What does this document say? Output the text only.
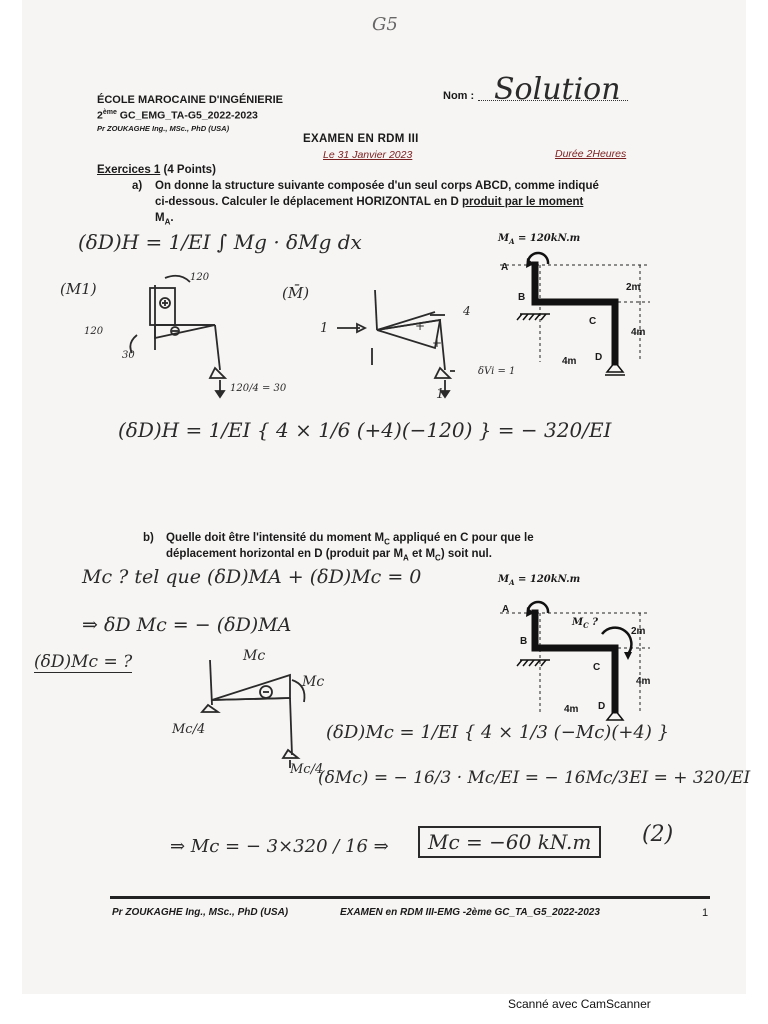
G5
ÉCOLE MAROCAINE D'INGÉNIERIE
2ème GC_EMG_TA-G5_2022-2023
Pr ZOUKAGHE Ing., MSc., PhD (USA)
Nom : Solution
EXAMEN EN RDM III
Le 31 Janvier 2023	Durée 2Heures
Exercices 1 (4 Points)
a) On donne la structure suivante composée d'un seul corps ABCD, comme indiqué
ci-dessous. Calculer le déplacement HORIZONTAL en D produit par le moment
$M_A$.
$M_A = 120kN.m$
A
B
C
D
2m
4m
4m
(δD)H = 1/EI ∫ Mg · δMg dx
(M1)	(M̄)
+
+
120
120
30
120/4 = 30
1
1
4
δVi = 1
(δD)H = 1/EI { 4 × 1/6 (+4)(−120) } = − 320/EI
b) Quelle doit être l'intensité du moment $M_C$ appliqué en C pour que le
déplacement horizontal en D (produit par $M_A$ et $M_C$) soit nul.
$M_A = 120kN.m$
A
B
C
D
$M_C$ ?
2m
4m
4m
Mc ? tel que (δD)MA + (δD)Mc = 0
⇒ δD Mc = − (δD)MA
(δD)Mc = ?	Mc
Mc
Mc/4
Mc/4
(δD)Mc = 1/EI { 4 × 1/3 (−Mc)(+4) }
(δMc) = − 16/3 · Mc/EI = − 16Mc/3EI = + 320/EI
⇒ Mc = − 3×320 / 16 ⇒	Mc = −60 kN.m	(2)
Pr ZOUKAGHE Ing., MSc., PhD (USA)	EXAMEN en RDM III-EMG -2ème GC_TA_G5_2022-2023	1
Scanné avec CamScanner
